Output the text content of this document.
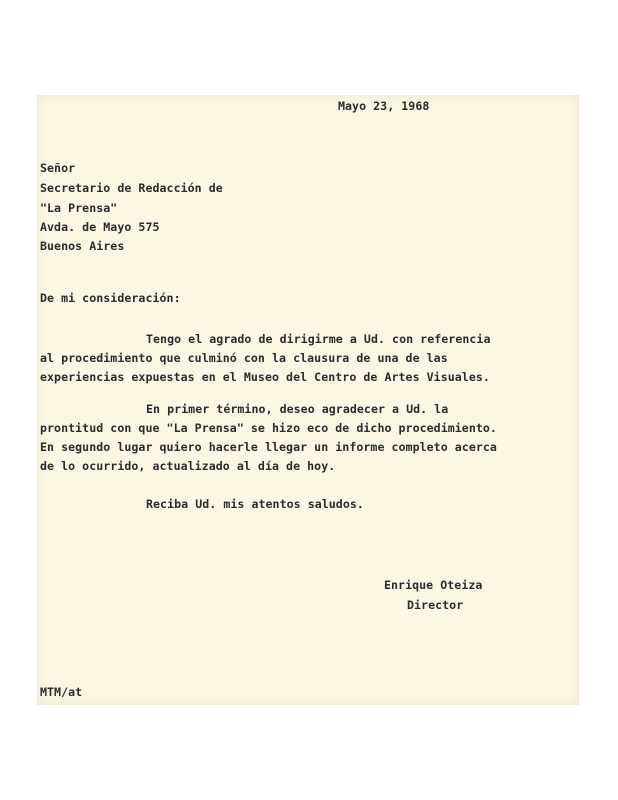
Mayo 23, 1968

Señor

Secretario de Redacción de

"La Prensa"

Avda. de Mayo 575

Buenos Aires

De mi consideración:

Tengo el agrado de dirigirme a Ud. con referencia

al procedimiento que culminó con la clausura de una de las

experiencias expuestas en el Museo del Centro de Artes Visuales.

En primer término, deseo agradecer a Ud. la

prontitud con que "La Prensa" se hizo eco de dicho procedimiento.

En segundo lugar quiero hacerle llegar un informe completo acerca

de lo ocurrido, actualizado al día de hoy.

Reciba Ud. mis atentos saludos.

Enrique Oteiza

Director

MTM/at
